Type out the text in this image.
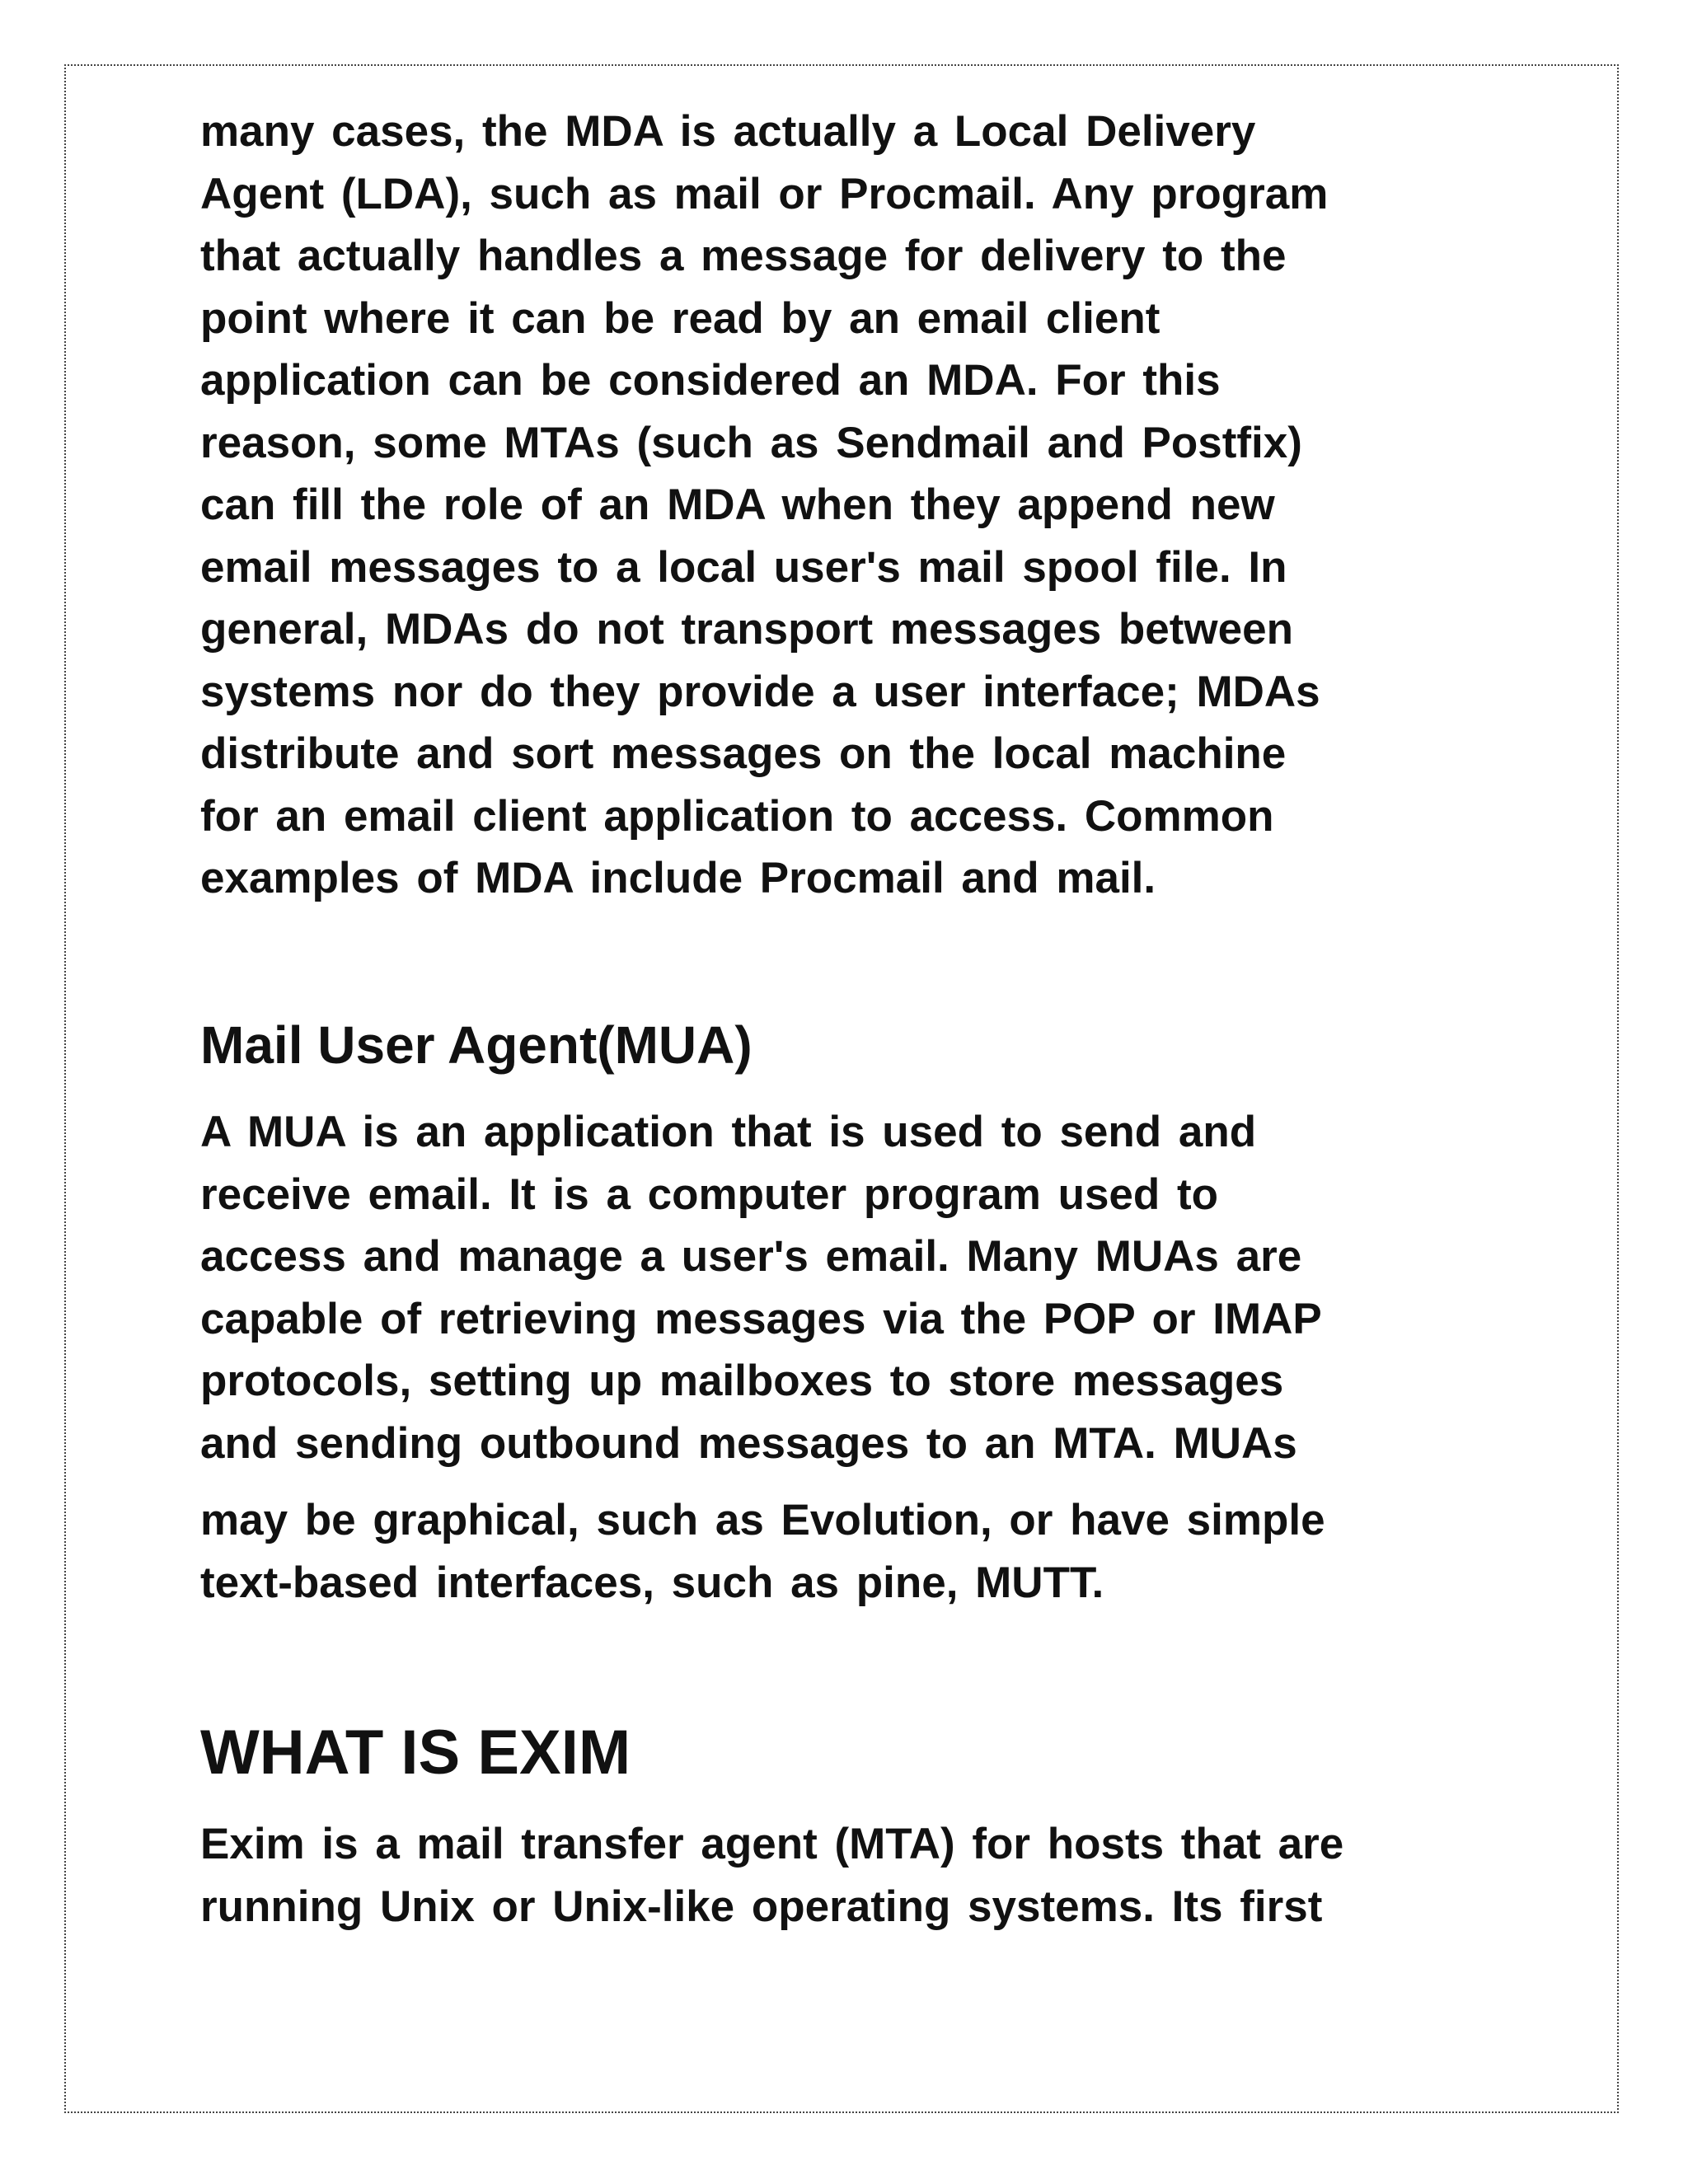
many cases, the MDA is actually a Local Delivery
Agent (LDA), such as mail or Procmail. Any program
that actually handles a message for delivery to the
point where it can be read by an email client
application can be considered an MDA. For this
reason, some MTAs (such as Sendmail and Postfix)
can fill the role of an MDA when they append new
email messages to a local user's mail spool file. In
general, MDAs do not transport messages between
systems nor do they provide a user interface; MDAs
distribute and sort messages on the local machine
for an email client application to access. Common
examples of MDA include Procmail and mail.

Mail User Agent(MUA)

A MUA is an application that is used to send and
receive email. It is a computer program used to
access and manage a user's email. Many MUAs are
capable of retrieving messages via the POP or IMAP
protocols, setting up mailboxes to store messages
and sending outbound messages to an MTA. MUAs
may be graphical, such as Evolution, or have simple
text-based interfaces, such as pine, MUTT.

WHAT IS EXIM

Exim is a mail transfer agent (MTA) for hosts that are
running Unix or Unix-like operating systems. Its first
